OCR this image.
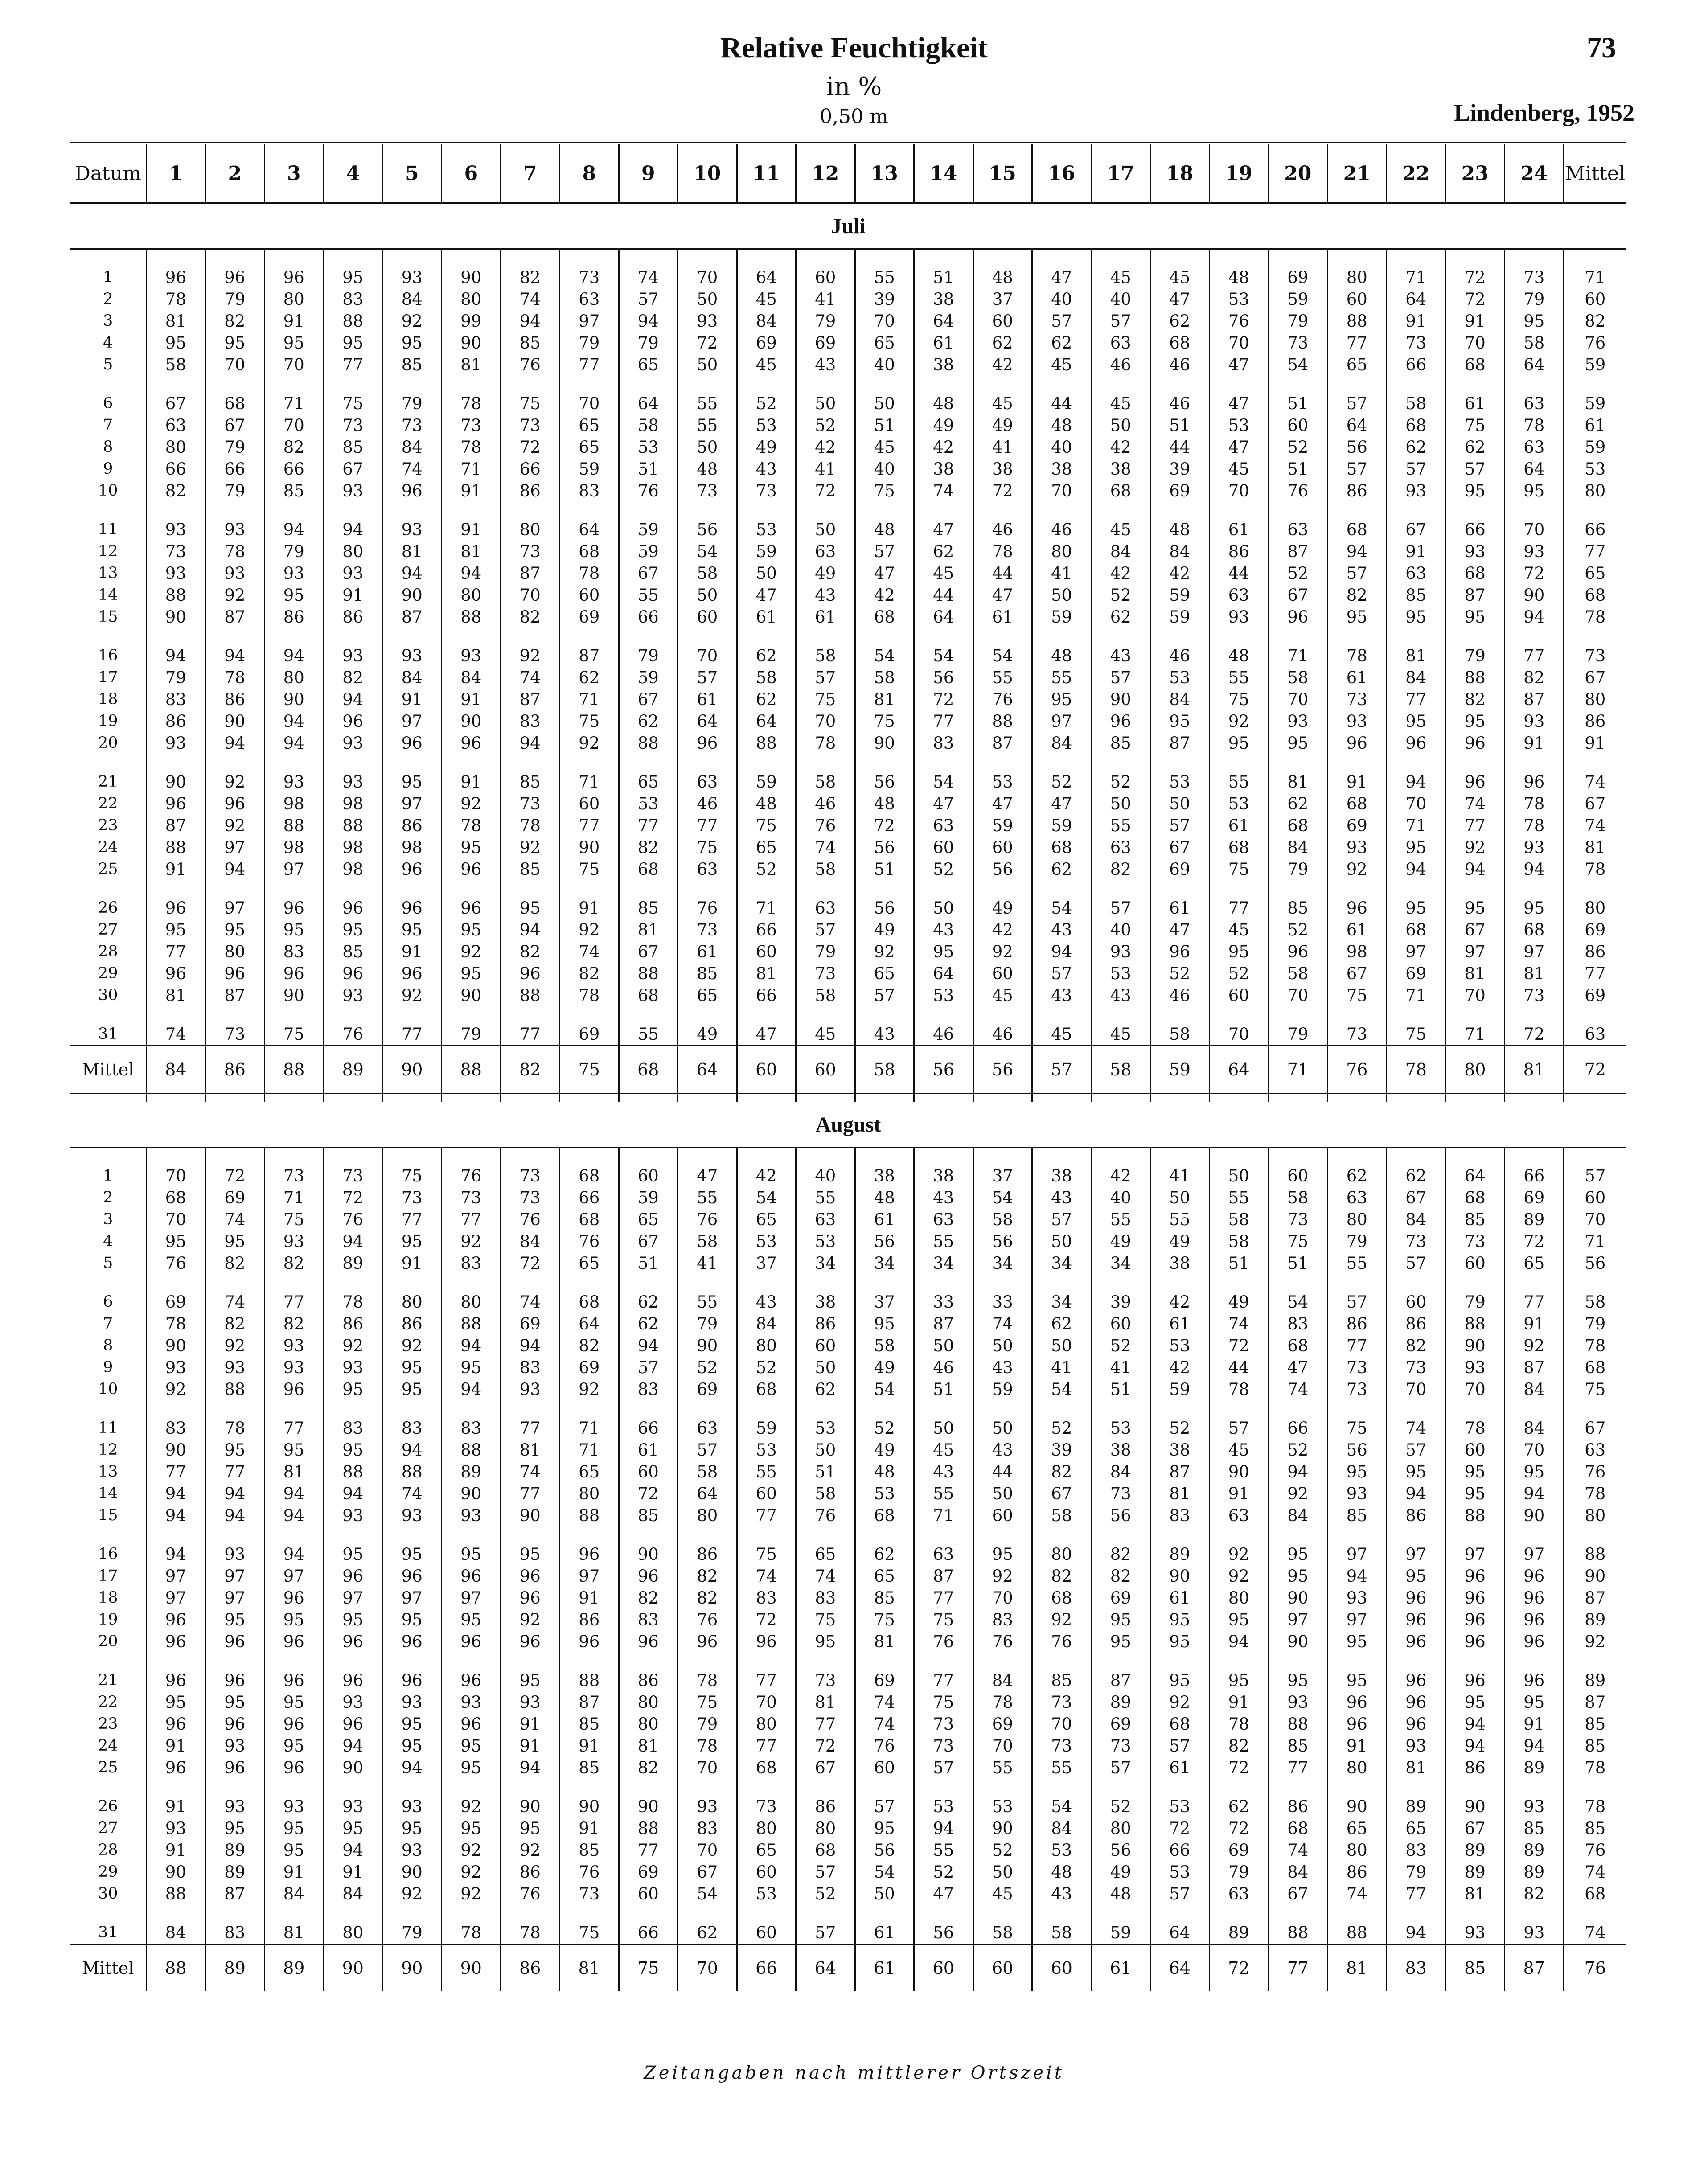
Relative Feuchtigkeit	73
in %
0,50 m	Lindenberg, 1952
Datum	1	2	3	4	5	6	7	8	9	10	11	12	13	14	15	16	17	18	19	20	21	22	23	24	Mittel
Juli																									

1	96	96	96	95	93	90	82	73	74	70	64	60	55	51	48	47	45	45	48	69	80	71	72	73	71
2	78	79	80	83	84	80	74	63	57	50	45	41	39	38	37	40	40	47	53	59	60	64	72	79	60
3	81	82	91	88	92	99	94	97	94	93	84	79	70	64	60	57	57	62	76	79	88	91	91	95	82
4	95	95	95	95	95	90	85	79	79	72	69	69	65	61	62	62	63	68	70	73	77	73	70	58	76
5	58	70	70	77	85	81	76	77	65	50	45	43	40	38	42	45	46	46	47	54	65	66	68	64	59

6	67	68	71	75	79	78	75	70	64	55	52	50	50	48	45	44	45	46	47	51	57	58	61	63	59
7	63	67	70	73	73	73	73	65	58	55	53	52	51	49	49	48	50	51	53	60	64	68	75	78	61
8	80	79	82	85	84	78	72	65	53	50	49	42	45	42	41	40	42	44	47	52	56	62	62	63	59
9	66	66	66	67	74	71	66	59	51	48	43	41	40	38	38	38	38	39	45	51	57	57	57	64	53
10	82	79	85	93	96	91	86	83	76	73	73	72	75	74	72	70	68	69	70	76	86	93	95	95	80

11	93	93	94	94	93	91	80	64	59	56	53	50	48	47	46	46	45	48	61	63	68	67	66	70	66
12	73	78	79	80	81	81	73	68	59	54	59	63	57	62	78	80	84	84	86	87	94	91	93	93	77
13	93	93	93	93	94	94	87	78	67	58	50	49	47	45	44	41	42	42	44	52	57	63	68	72	65
14	88	92	95	91	90	80	70	60	55	50	47	43	42	44	47	50	52	59	63	67	82	85	87	90	68
15	90	87	86	86	87	88	82	69	66	60	61	61	68	64	61	59	62	59	93	96	95	95	95	94	78

16	94	94	94	93	93	93	92	87	79	70	62	58	54	54	54	48	43	46	48	71	78	81	79	77	73
17	79	78	80	82	84	84	74	62	59	57	58	57	58	56	55	55	57	53	55	58	61	84	88	82	67
18	83	86	90	94	91	91	87	71	67	61	62	75	81	72	76	95	90	84	75	70	73	77	82	87	80
19	86	90	94	96	97	90	83	75	62	64	64	70	75	77	88	97	96	95	92	93	93	95	95	93	86
20	93	94	94	93	96	96	94	92	88	96	88	78	90	83	87	84	85	87	95	95	96	96	96	91	91

21	90	92	93	93	95	91	85	71	65	63	59	58	56	54	53	52	52	53	55	81	91	94	96	96	74
22	96	96	98	98	97	92	73	60	53	46	48	46	48	47	47	47	50	50	53	62	68	70	74	78	67
23	87	92	88	88	86	78	78	77	77	77	75	76	72	63	59	59	55	57	61	68	69	71	77	78	74
24	88	97	98	98	98	95	92	90	82	75	65	74	56	60	60	68	63	67	68	84	93	95	92	93	81
25	91	94	97	98	96	96	85	75	68	63	52	58	51	52	56	62	82	69	75	79	92	94	94	94	78

26	96	97	96	96	96	96	95	91	85	76	71	63	56	50	49	54	57	61	77	85	96	95	95	95	80
27	95	95	95	95	95	95	94	92	81	73	66	57	49	43	42	43	40	47	45	52	61	68	67	68	69
28	77	80	83	85	91	92	82	74	67	61	60	79	92	95	92	94	93	96	95	96	98	97	97	97	86
29	96	96	96	96	96	95	96	82	88	85	81	73	65	64	60	57	53	52	52	58	67	69	81	81	77
30	81	87	90	93	92	90	88	78	68	65	66	58	57	53	45	43	43	46	60	70	75	71	70	73	69

31	74	73	75	76	77	79	77	69	55	49	47	45	43	46	46	45	45	58	70	79	73	75	71	72	63
Mittel	84	86	88	89	90	88	82	75	68	64	60	60	58	56	56	57	58	59	64	71	76	78	80	81	72

August																									

1	70	72	73	73	75	76	73	68	60	47	42	40	38	38	37	38	42	41	50	60	62	62	64	66	57
2	68	69	71	72	73	73	73	66	59	55	54	55	48	43	54	43	40	50	55	58	63	67	68	69	60
3	70	74	75	76	77	77	76	68	65	76	65	63	61	63	58	57	55	55	58	73	80	84	85	89	70
4	95	95	93	94	95	92	84	76	67	58	53	53	56	55	56	50	49	49	58	75	79	73	73	72	71
5	76	82	82	89	91	83	72	65	51	41	37	34	34	34	34	34	34	38	51	51	55	57	60	65	56

6	69	74	77	78	80	80	74	68	62	55	43	38	37	33	33	34	39	42	49	54	57	60	79	77	58
7	78	82	82	86	86	88	69	64	62	79	84	86	95	87	74	62	60	61	74	83	86	86	88	91	79
8	90	92	93	92	92	94	94	82	94	90	80	60	58	50	50	50	52	53	72	68	77	82	90	92	78
9	93	93	93	93	95	95	83	69	57	52	52	50	49	46	43	41	41	42	44	47	73	73	93	87	68
10	92	88	96	95	95	94	93	92	83	69	68	62	54	51	59	54	51	59	78	74	73	70	70	84	75

11	83	78	77	83	83	83	77	71	66	63	59	53	52	50	50	52	53	52	57	66	75	74	78	84	67
12	90	95	95	95	94	88	81	71	61	57	53	50	49	45	43	39	38	38	45	52	56	57	60	70	63
13	77	77	81	88	88	89	74	65	60	58	55	51	48	43	44	82	84	87	90	94	95	95	95	95	76
14	94	94	94	94	74	90	77	80	72	64	60	58	53	55	50	67	73	81	91	92	93	94	95	94	78
15	94	94	94	93	93	93	90	88	85	80	77	76	68	71	60	58	56	83	63	84	85	86	88	90	80

16	94	93	94	95	95	95	95	96	90	86	75	65	62	63	95	80	82	89	92	95	97	97	97	97	88
17	97	97	97	96	96	96	96	97	96	82	74	74	65	87	92	82	82	90	92	95	94	95	96	96	90
18	97	97	96	97	97	97	96	91	82	82	83	83	85	77	70	68	69	61	80	90	93	96	96	96	87
19	96	95	95	95	95	95	92	86	83	76	72	75	75	75	83	92	95	95	95	97	97	96	96	96	89
20	96	96	96	96	96	96	96	96	96	96	96	95	81	76	76	76	95	95	94	90	95	96	96	96	92

21	96	96	96	96	96	96	95	88	86	78	77	73	69	77	84	85	87	95	95	95	95	96	96	96	89
22	95	95	95	93	93	93	93	87	80	75	70	81	74	75	78	73	89	92	91	93	96	96	95	95	87
23	96	96	96	96	95	96	91	85	80	79	80	77	74	73	69	70	69	68	78	88	96	96	94	91	85
24	91	93	95	94	95	95	91	91	81	78	77	72	76	73	70	73	73	57	82	85	91	93	94	94	85
25	96	96	96	90	94	95	94	85	82	70	68	67	60	57	55	55	57	61	72	77	80	81	86	89	78

26	91	93	93	93	93	92	90	90	90	93	73	86	57	53	53	54	52	53	62	86	90	89	90	93	78
27	93	95	95	95	95	95	95	91	88	83	80	80	95	94	90	84	80	72	72	68	65	65	67	85	85
28	91	89	95	94	93	92	92	85	77	70	65	68	56	55	52	53	56	66	69	74	80	83	89	89	76
29	90	89	91	91	90	92	86	76	69	67	60	57	54	52	50	48	49	53	79	84	86	79	89	89	74
30	88	87	84	84	92	92	76	73	60	54	53	52	50	47	45	43	48	57	63	67	74	77	81	82	68

31	84	83	81	80	79	78	78	75	66	62	60	57	61	56	58	58	59	64	89	88	88	94	93	93	74
Mittel	88	89	89	90	90	90	86	81	75	70	66	64	61	60	60	60	61	64	72	77	81	83	85	87	76
Zeitangaben nach mittlerer Ortszeit
